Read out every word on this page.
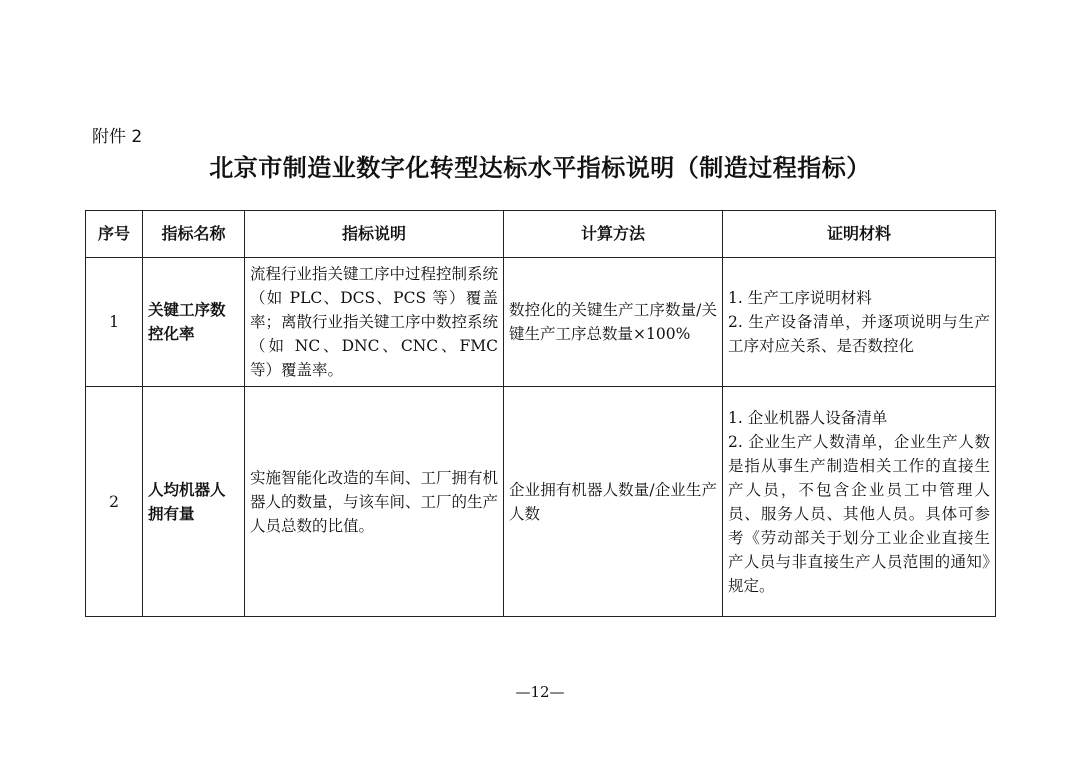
附件 2
北京市制造业数字化转型达标水平指标说明（制造过程指标）
序号	指标名称	指标说明	计算方法	证明材料
1	关键工序数控化率	流程行业指关键工序中过程控制系统（如 PLC、DCS、PCS 等）覆盖率；离散行业指关键工序中数控系统（如 NC、DNC、CNC、FMC 等）覆盖率。	数控化的关键生产工序数量/关键生产工序总数量×100%	1. 生产工序说明材料
2. 生产设备清单，并逐项说明与生产工序对应关系、是否数控化

2	人均机器人拥有量	实施智能化改造的车间、工厂拥有机器人的数量，与该车间、工厂的生产人员总数的比值。	企业拥有机器人数量/企业生产人数	1. 企业机器人设备清单
2. 企业生产人数清单，企业生产人数是指从事生产制造相关工作的直接生产人员，不包含企业员工中管理人员、服务人员、其他人员。具体可参考《劳动部关于划分工业企业直接生产人员与非直接生产人员范围的通知》规定。
—12—
